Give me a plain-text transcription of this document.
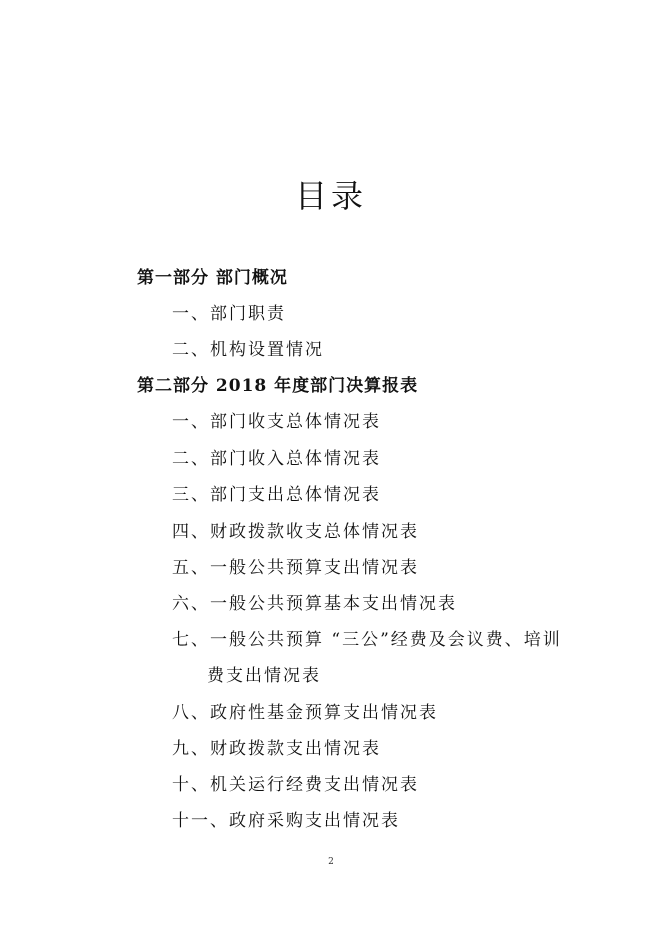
目录
第一部分 部门概况
一、部门职责
二、机构设置情况
第二部分 2018 年度部门决算报表
一、部门收支总体情况表
二、部门收入总体情况表
三、部门支出总体情况表
四、财政拨款收支总体情况表
五、一般公共预算支出情况表
六、一般公共预算基本支出情况表
七、一般公共预算 “三公”经费及会议费、培训
费支出情况表
八、政府性基金预算支出情况表
九、财政拨款支出情况表
十、机关运行经费支出情况表
十一、政府采购支出情况表
2
